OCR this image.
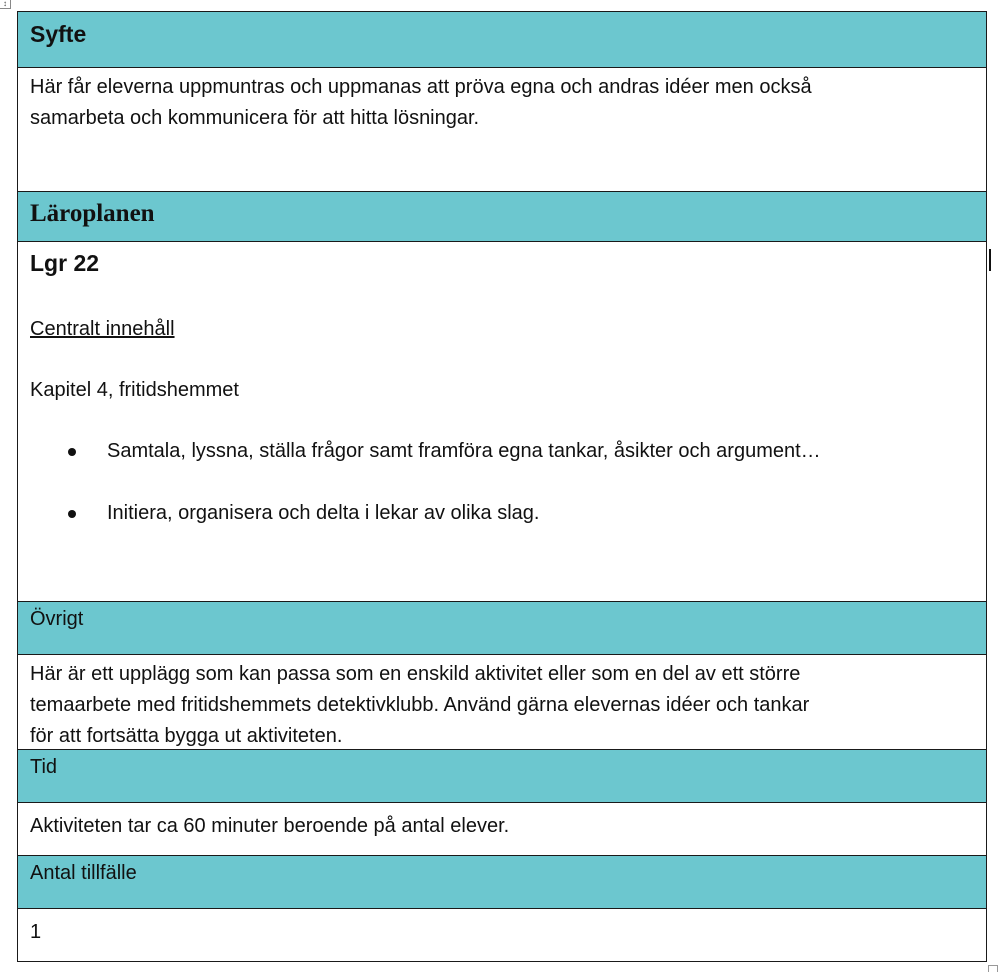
↕
Syfte
Här får eleverna uppmuntras och uppmanas att pröva egna och andras idéer men också
samarbeta och kommunicera för att hitta lösningar.
Läroplanen
Lgr 22
Centralt innehåll
Kapitel 4, fritidshemmet
Samtala, lyssna, ställa frågor samt framföra egna tankar, åsikter och argument…
Initiera, organisera och delta i lekar av olika slag.
Övrigt
Här är ett upplägg som kan passa som en enskild aktivitet eller som en del av ett större
temaarbete med fritidshemmets detektivklubb. Använd gärna elevernas idéer och tankar
för att fortsätta bygga ut aktiviteten.
Tid
Aktiviteten tar ca 60 minuter beroende på antal elever.
Antal tillfälle
1
